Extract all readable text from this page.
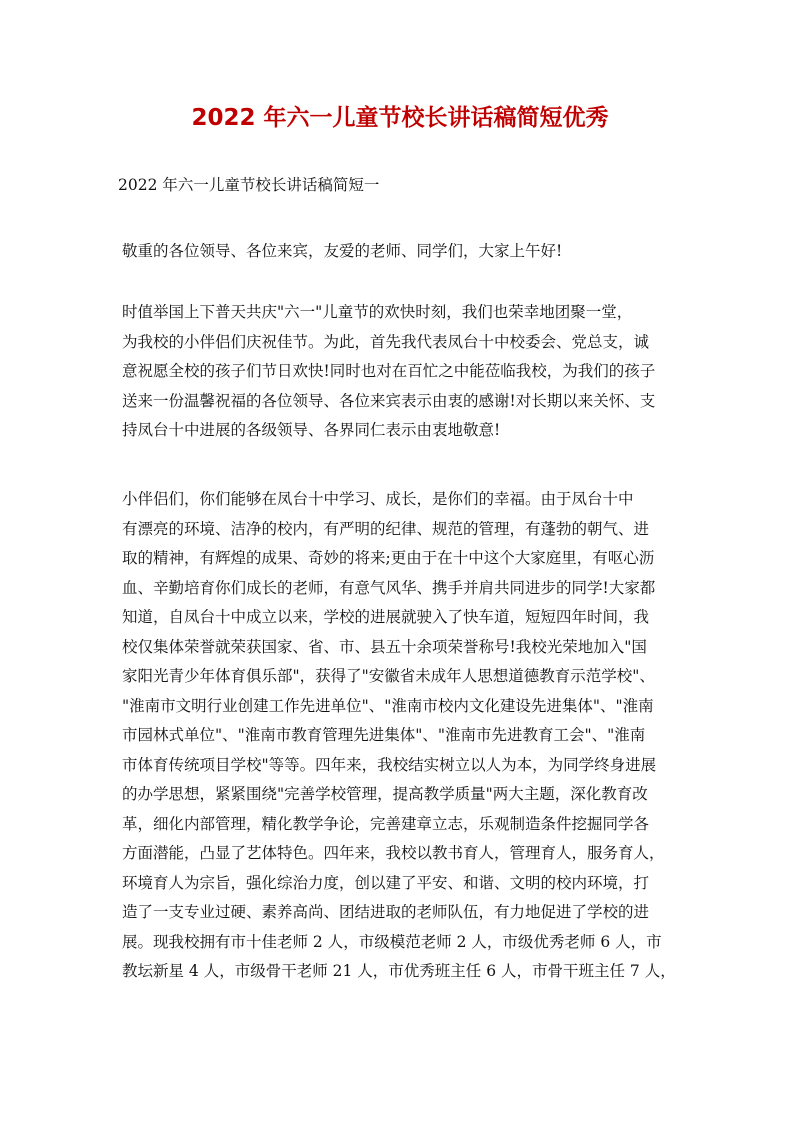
2022 年六一儿童节校长讲话稿简短优秀
2022 年六一儿童节校长讲话稿简短一
敬重的各位领导、各位来宾，友爱的老师、同学们，大家上午好!
时值举国上下普天共庆"六一"儿童节的欢快时刻，我们也荣幸地团聚一堂，
为我校的小伴侣们庆祝佳节。为此，首先我代表凤台十中校委会、党总支，诚
意祝愿全校的孩子们节日欢快!同时也对在百忙之中能莅临我校，为我们的孩子
送来一份温馨祝福的各位领导、各位来宾表示由衷的感谢!对长期以来关怀、支
持凤台十中进展的各级领导、各界同仁表示由衷地敬意!
小伴侣们，你们能够在凤台十中学习、成长，是你们的幸福。由于凤台十中
有漂亮的环境、洁净的校内，有严明的纪律、规范的管理，有蓬勃的朝气、进
取的精神，有辉煌的成果、奇妙的将来;更由于在十中这个大家庭里，有呕心沥
血、辛勤培育你们成长的老师，有意气风华、携手并肩共同进步的同学!大家都
知道，自凤台十中成立以来，学校的进展就驶入了快车道，短短四年时间，我
校仅集体荣誉就荣获国家、省、市、县五十余项荣誉称号!我校光荣地加入"国
家阳光青少年体育俱乐部"，获得了"安徽省未成年人思想道德教育示范学校"、
"淮南市文明行业创建工作先进单位"、"淮南市校内文化建设先进集体"、"淮南
市园林式单位"、"淮南市教育管理先进集体"、"淮南市先进教育工会"、"淮南
市体育传统项目学校"等等。四年来，我校结实树立以人为本，为同学终身进展
的办学思想，紧紧围绕"完善学校管理，提高教学质量"两大主题，深化教育改
革，细化内部管理，精化教学争论，完善建章立志，乐观制造条件挖掘同学各
方面潜能，凸显了艺体特色。四年来，我校以教书育人，管理育人，服务育人，
环境育人为宗旨，强化综治力度，创以建了平安、和谐、文明的校内环境，打
造了一支专业过硬、素养高尚、团结进取的老师队伍，有力地促进了学校的进
展。现我校拥有市十佳老师 2 人，市级模范老师 2 人，市级优秀老师 6 人，市
教坛新星 4 人，市级骨干老师 21 人，市优秀班主任 6 人，市骨干班主任 7 人，
